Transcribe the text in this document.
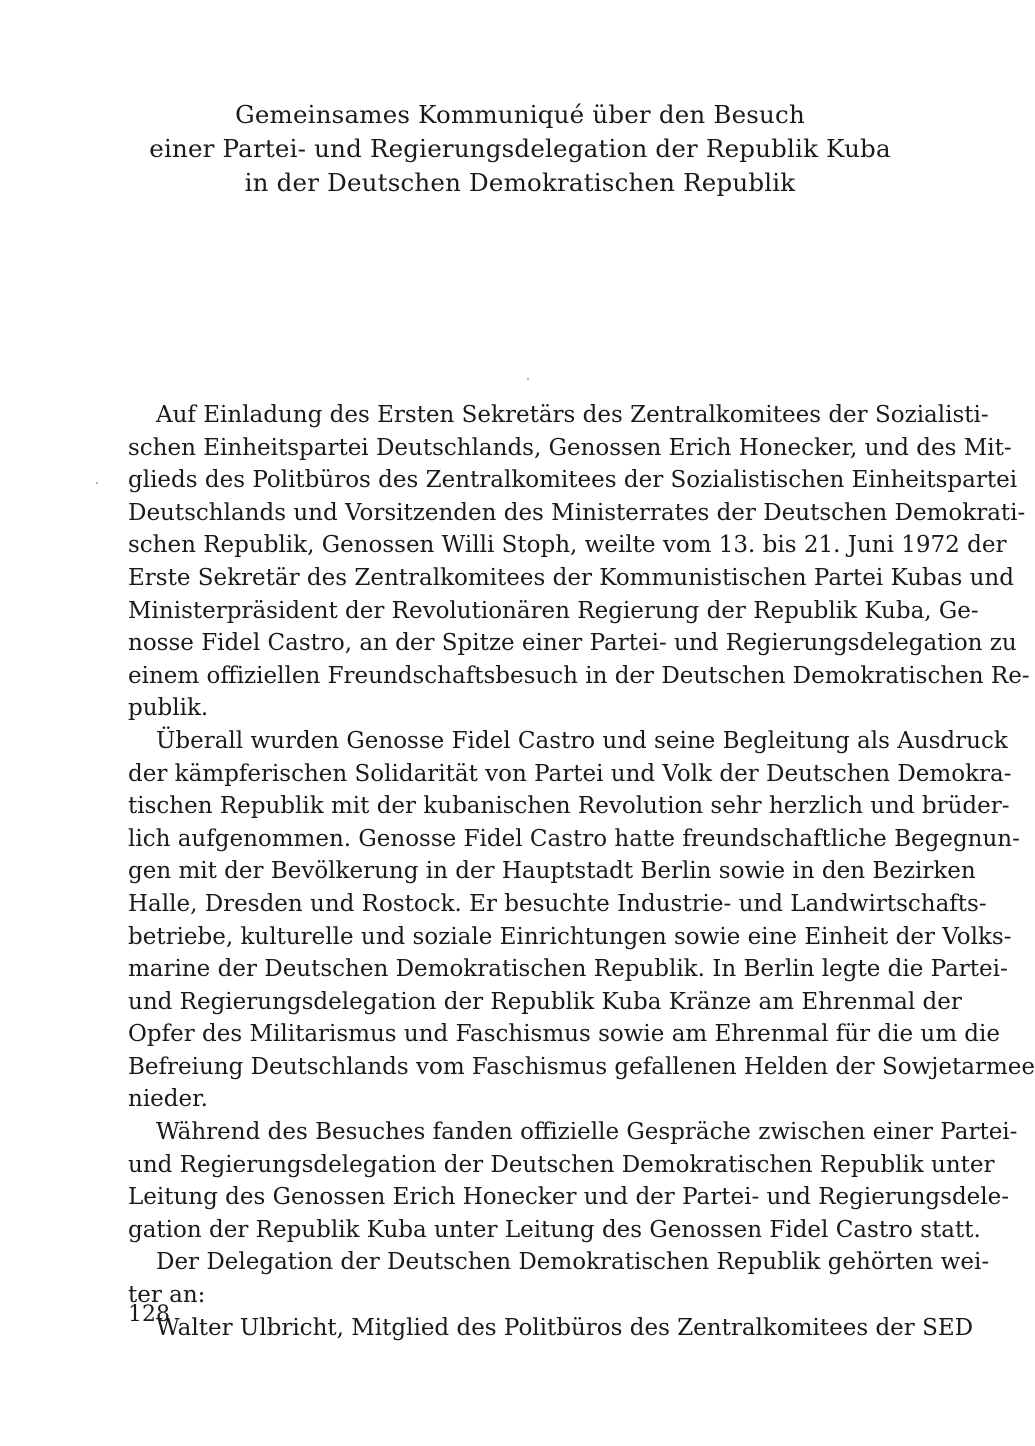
Gemeinsames Kommuniqué über den Besuch
einer Partei- und Regierungsdelegation der Republik Kuba
in der Deutschen Demokratischen Republik
Auf Einladung des Ersten Sekretärs des Zentralkomitees der Sozialisti-
schen Einheitspartei Deutschlands, Genossen Erich Honecker, und des Mit-
glieds des Politbüros des Zentralkomitees der Sozialistischen Einheitspartei
Deutschlands und Vorsitzenden des Ministerrates der Deutschen Demokrati-
schen Republik, Genossen Willi Stoph, weilte vom 13. bis 21. Juni 1972 der
Erste Sekretär des Zentralkomitees der Kommunistischen Partei Kubas und
Ministerpräsident der Revolutionären Regierung der Republik Kuba, Ge-
nosse Fidel Castro, an der Spitze einer Partei- und Regierungsdelegation zu
einem offiziellen Freundschaftsbesuch in der Deutschen Demokratischen Re-
publik.
Überall wurden Genosse Fidel Castro und seine Begleitung als Ausdruck
der kämpferischen Solidarität von Partei und Volk der Deutschen Demokra-
tischen Republik mit der kubanischen Revolution sehr herzlich und brüder-
lich aufgenommen. Genosse Fidel Castro hatte freundschaftliche Begegnun-
gen mit der Bevölkerung in der Hauptstadt Berlin sowie in den Bezirken
Halle, Dresden und Rostock. Er besuchte Industrie- und Landwirtschafts-
betriebe, kulturelle und soziale Einrichtungen sowie eine Einheit der Volks-
marine der Deutschen Demokratischen Republik. In Berlin legte die Partei-
und Regierungsdelegation der Republik Kuba Kränze am Ehrenmal der
Opfer des Militarismus und Faschismus sowie am Ehrenmal für die um die
Befreiung Deutschlands vom Faschismus gefallenen Helden der Sowjetarmee
nieder.
Während des Besuches fanden offizielle Gespräche zwischen einer Partei-
und Regierungsdelegation der Deutschen Demokratischen Republik unter
Leitung des Genossen Erich Honecker und der Partei- und Regierungsdele-
gation der Republik Kuba unter Leitung des Genossen Fidel Castro statt.
Der Delegation der Deutschen Demokratischen Republik gehörten wei-
ter an:
Walter Ulbricht, Mitglied des Politbüros des Zentralkomitees der SED
128
